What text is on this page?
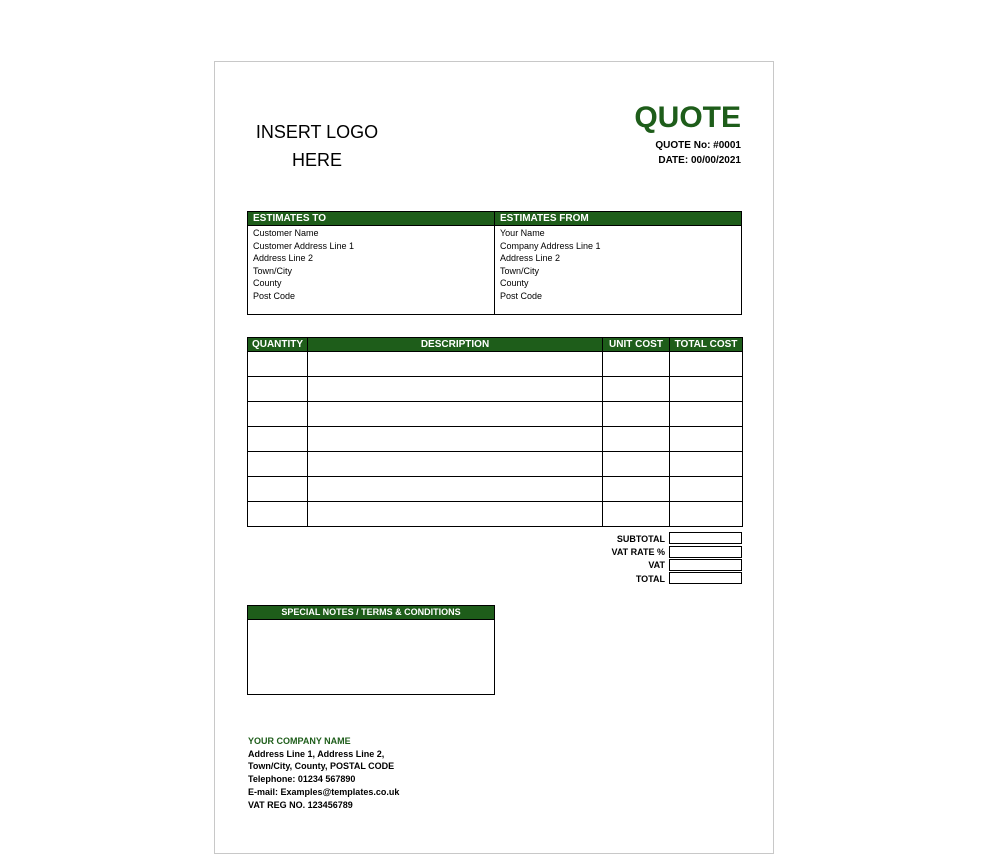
INSERT LOGO
HERE
QUOTE
QUOTE No: #0001
DATE: 00/00/2021
ESTIMATES TO
Customer Name
Customer Address Line 1
Address Line 2
Town/City
County
Post Code
ESTIMATES FROM
Your Name
Company Address Line 1
Address Line 2
Town/City
County
Post Code
QUANTITY	DESCRIPTION	UNIT COST	TOTAL COST

SUBTOTAL
VAT RATE %
VAT
TOTAL
SPECIAL NOTES / TERMS & CONDITIONS
YOUR COMPANY NAME
Address Line 1, Address Line 2,
Town/City, County, POSTAL CODE
Telephone: 01234 567890
E-mail: Examples@templates.co.uk
VAT REG NO. 123456789
